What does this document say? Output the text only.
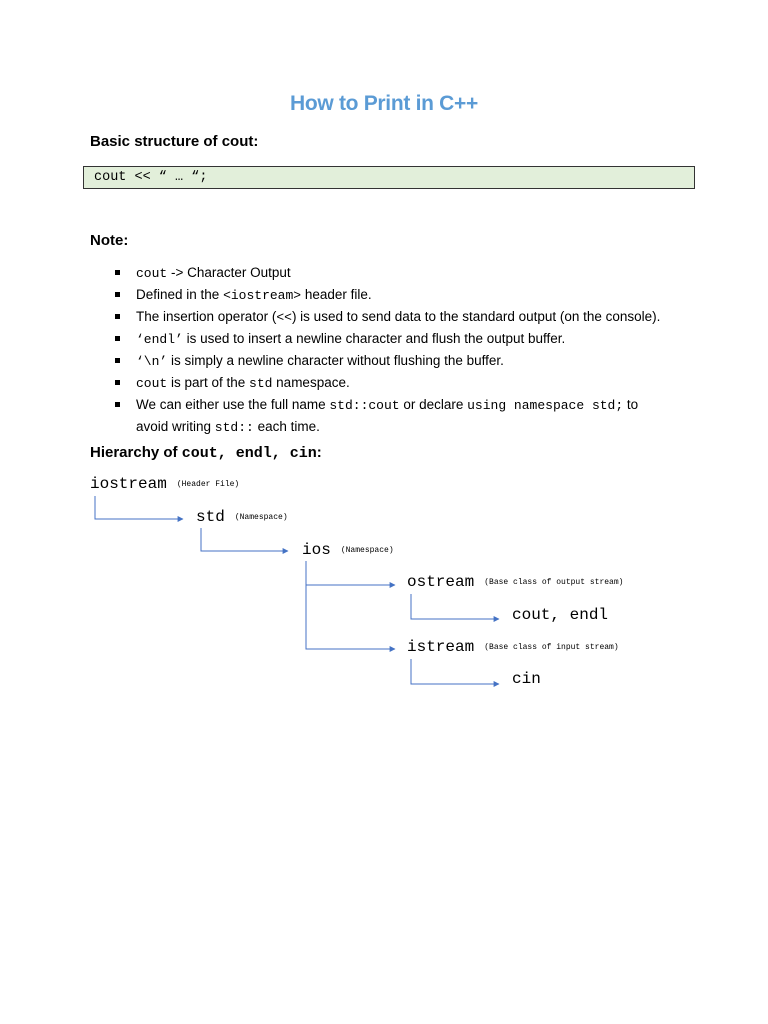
How to Print in C++
Basic structure of cout:
cout << “ … “;
Note:
cout -> Character Output
Defined in the <iostream> header file.
The insertion operator (<<) is used to send data to the standard output (on the console).
‘endl’ is used to insert a newline character and flush the output buffer.
‘\n’ is simply a newline character without flushing the buffer.
cout is part of the std namespace.
We can either use the full name std::cout or declare using namespace std; to
avoid writing std:: each time.
Hierarchy of cout, endl, cin:
iostream (Header File)
std (Namespace)
ios (Namespace)
ostream (Base class of output stream)
cout, endl
istream (Base class of input stream)
cin
